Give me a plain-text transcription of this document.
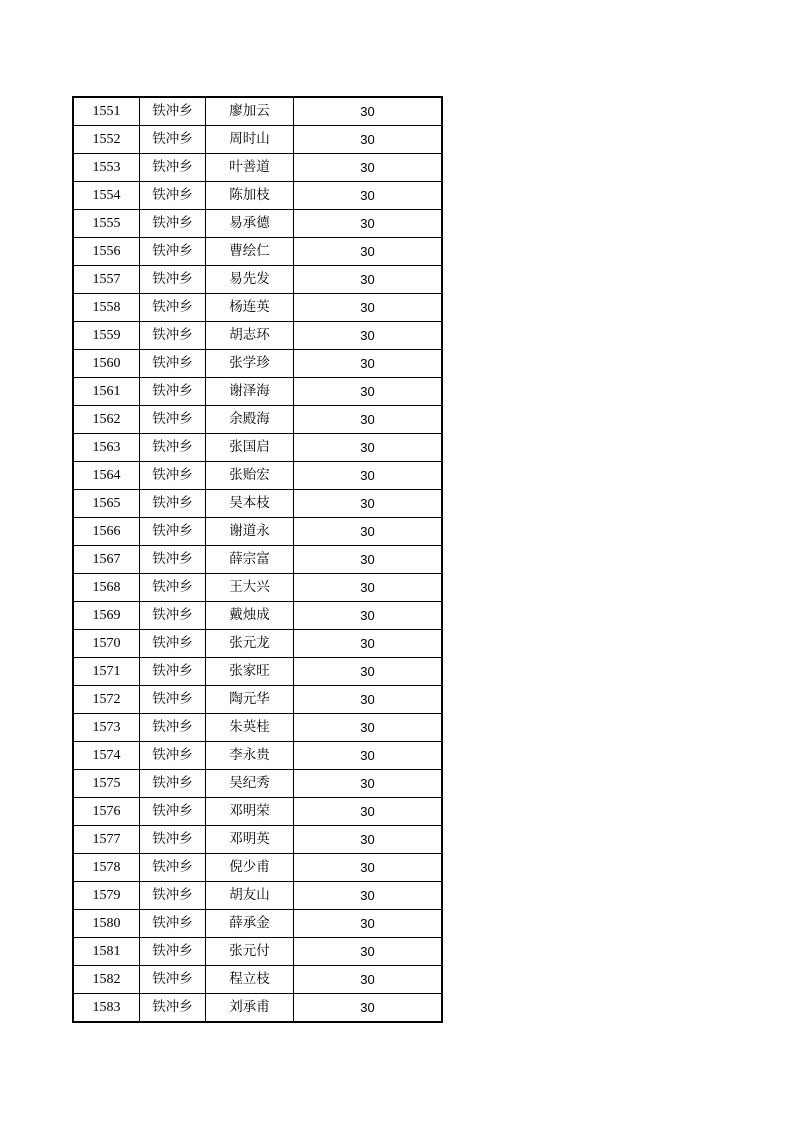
1551	铁冲乡	廖加云	30
1552	铁冲乡	周时山	30
1553	铁冲乡	叶善道	30
1554	铁冲乡	陈加枝	30
1555	铁冲乡	易承德	30
1556	铁冲乡	曹绘仁	30
1557	铁冲乡	易先发	30
1558	铁冲乡	杨连英	30
1559	铁冲乡	胡志环	30
1560	铁冲乡	张学珍	30
1561	铁冲乡	谢泽海	30
1562	铁冲乡	余殿海	30
1563	铁冲乡	张国启	30
1564	铁冲乡	张贻宏	30
1565	铁冲乡	吴本枝	30
1566	铁冲乡	谢道永	30
1567	铁冲乡	薛宗富	30
1568	铁冲乡	王大兴	30
1569	铁冲乡	戴烛成	30
1570	铁冲乡	张元龙	30
1571	铁冲乡	张家旺	30
1572	铁冲乡	陶元华	30
1573	铁冲乡	朱英桂	30
1574	铁冲乡	李永贵	30
1575	铁冲乡	吴纪秀	30
1576	铁冲乡	邓明荣	30
1577	铁冲乡	邓明英	30
1578	铁冲乡	倪少甫	30
1579	铁冲乡	胡友山	30
1580	铁冲乡	薛承金	30
1581	铁冲乡	张元付	30
1582	铁冲乡	程立枝	30
1583	铁冲乡	刘承甫	30
